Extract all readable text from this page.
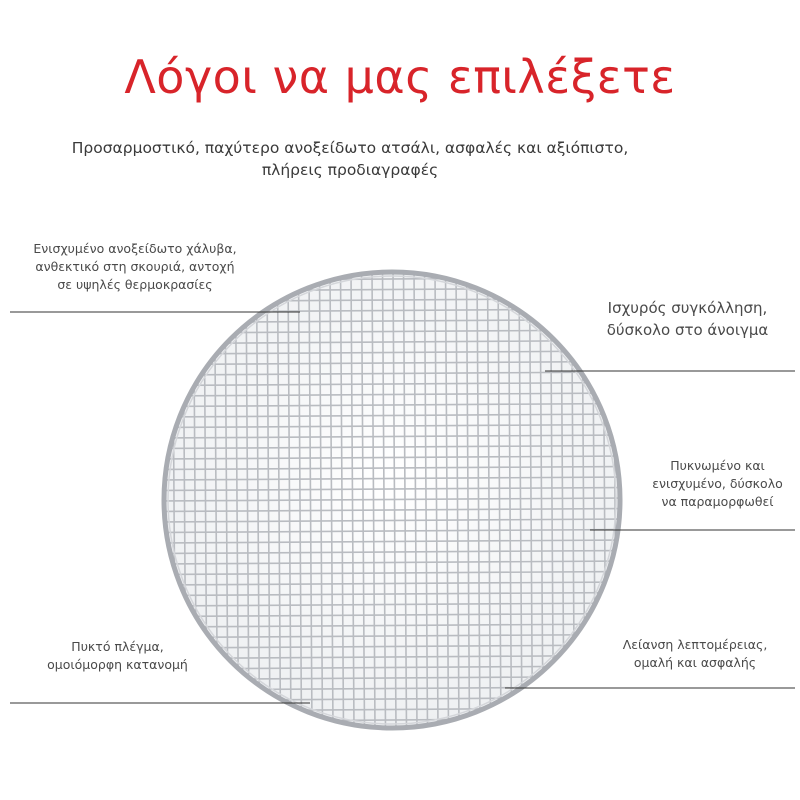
Λόγοι να μας επιλέξετε
Προσαρμοστικό, παχύτερο ανοξείδωτο ατσάλι, ασφαλές και αξιόπιστο,
πλήρεις προδιαγραφές
Ενισχυμένο ανοξείδωτο χάλυβα,
ανθεκτικό στη σκουριά, αντοχή
σε υψηλές θερμοκρασίες
Ισχυρός συγκόλληση,
δύσκολο στο άνοιγμα
Πυκνωμένο και
ενισχυμένο, δύσκολο
να παραμορφωθεί
Πυκτό πλέγμα,
ομοιόμορφη κατανομή
Λείανση λεπτομέρειας,
ομαλή και ασφαλής
